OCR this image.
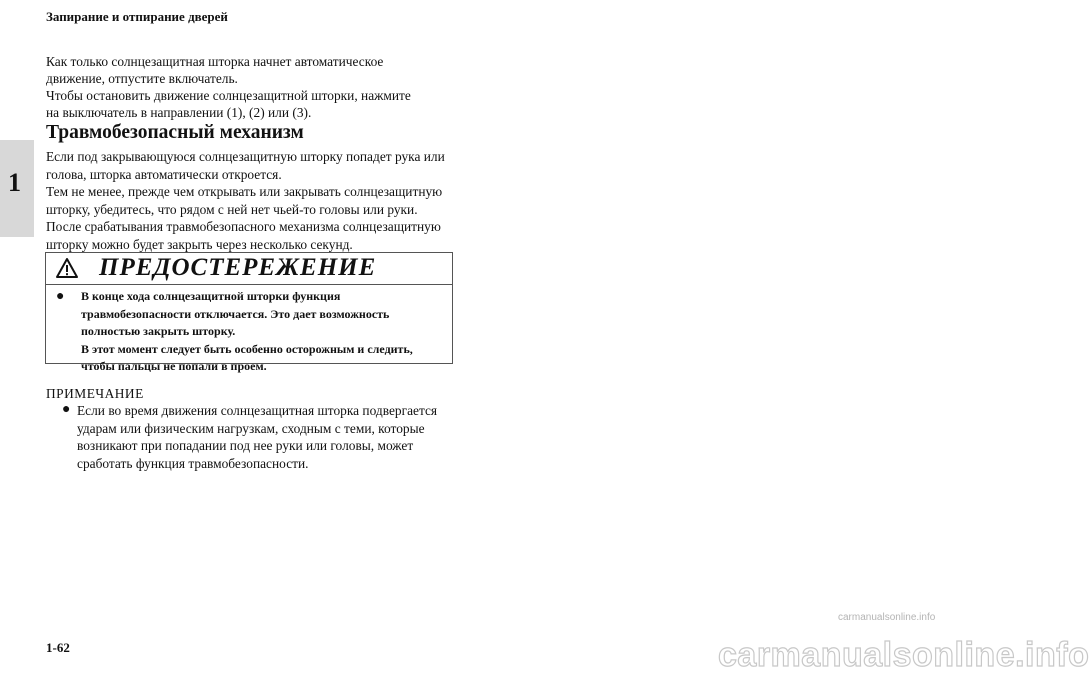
Запирание и отпирание дверей
1

Как только солнцезащитная шторка начнет автоматическое

движение, отпустите включатель.

Чтобы остановить движение солнцезащитной шторки, нажмите

на выключатель в направлении (1), (2) или (3).

Травмобезопасный механизм

Если под закрывающуюся солнцезащитную шторку попадет рука или

голова, шторка автоматически откроется.

Тем не менее, прежде чем открывать или закрывать солнцезащитную

шторку, убедитесь, что рядом с ней нет чьей-то головы или руки.

После срабатывания травмобезопасного механизма солнцезащитную

шторку можно будет закрыть через несколько секунд.

ПРЕДОСТЕРЕЖЕНИЕ
● В конце хода солнцезащитной шторки функция

травмобезопасности отключается. Это дает возможность

полностью закрыть шторку.

В этот момент следует быть особенно осторожным и следить,

чтобы пальцы не попали в проем.

ПРИМЕЧАНИЕ
● Если во время движения солнцезащитная шторка подвергается

ударам или физическим нагрузкам, сходным с теми, которые

возникают при попадании под нее руки или головы, может

сработать функция травмобезопасности.

1-62
carmanualsonline.info
carmanualsonline.info
